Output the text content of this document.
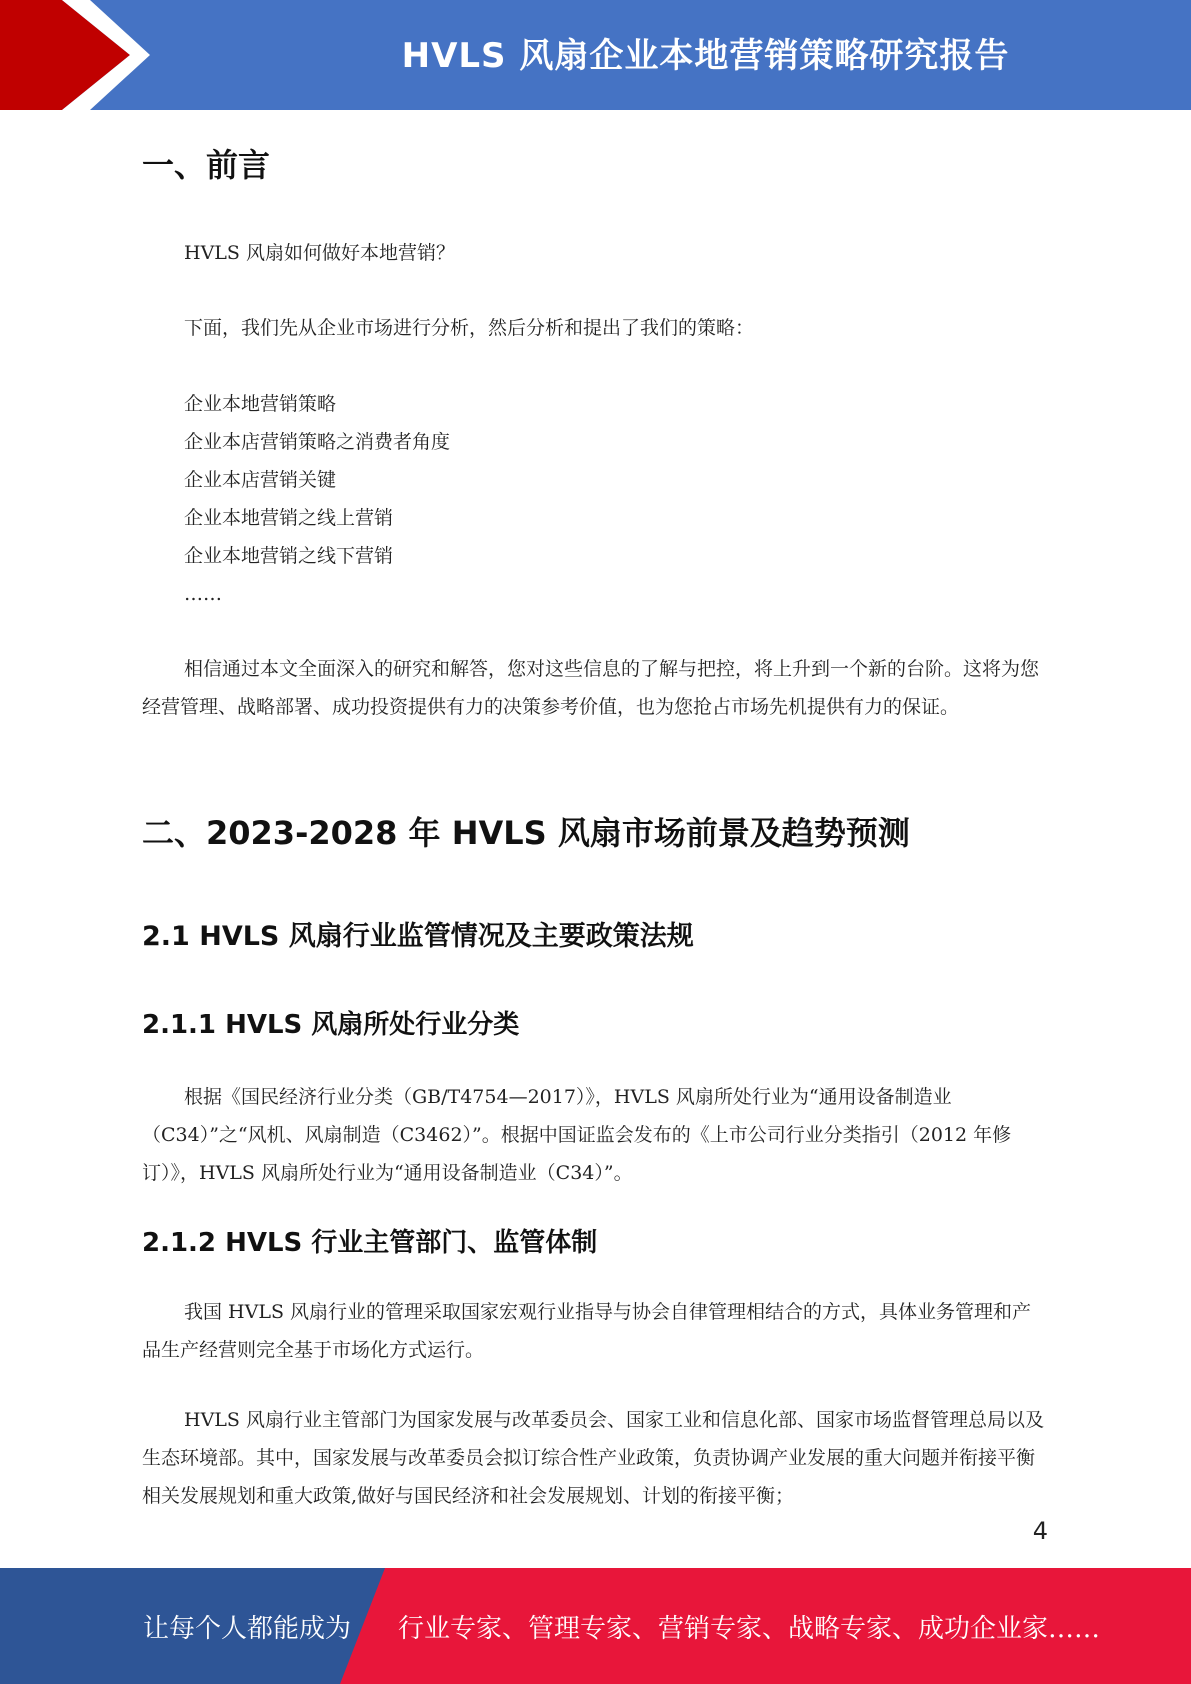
HVLS 风扇企业本地营销策略研究报告
一、前言

HVLS 风扇如何做好本地营销？

下面，我们先从企业市场进行分析，然后分析和提出了我们的策略：

企业本地营销策略
企业本店营销策略之消费者角度
企业本店营销关键
企业本地营销之线上营销
企业本地营销之线下营销
……

相信通过本文全面深入的研究和解答，您对这些信息的了解与把控，将上升到一个新的台阶。这将为您经营管理、战略部署、成功投资提供有力的决策参考价值，也为您抢占市场先机提供有力的保证。

二、2023-2028 年 HVLS 风扇市场前景及趋势预测
2.1 HVLS 风扇行业监管情况及主要政策法规
2.1.1 HVLS 风扇所处行业分类

根据《国民经济行业分类（GB/T4754—2017）》，HVLS 风扇所处行业为“通用设备制造业（C34）”之“风机、风扇制造（C3462）”。根据中国证监会发布的《上市公司行业分类指引（2012 年修订）》，HVLS 风扇所处行业为“通用设备制造业（C34）”。

2.1.2 HVLS 行业主管部门、监管体制

我国 HVLS 风扇行业的管理采取国家宏观行业指导与协会自律管理相结合的方式，具体业务管理和产品生产经营则完全基于市场化方式运行。

HVLS 风扇行业主管部门为国家发展与改革委员会、国家工业和信息化部、国家市场监督管理总局以及生态环境部。其中，国家发展与改革委员会拟订综合性产业政策，负责协调产业发展的重大问题并衔接平衡相关发展规划和重大政策,做好与国民经济和社会发展规划、计划的衔接平衡；

4
让每个人都能成为 行业专家、管理专家、营销专家、战略专家、成功企业家……
